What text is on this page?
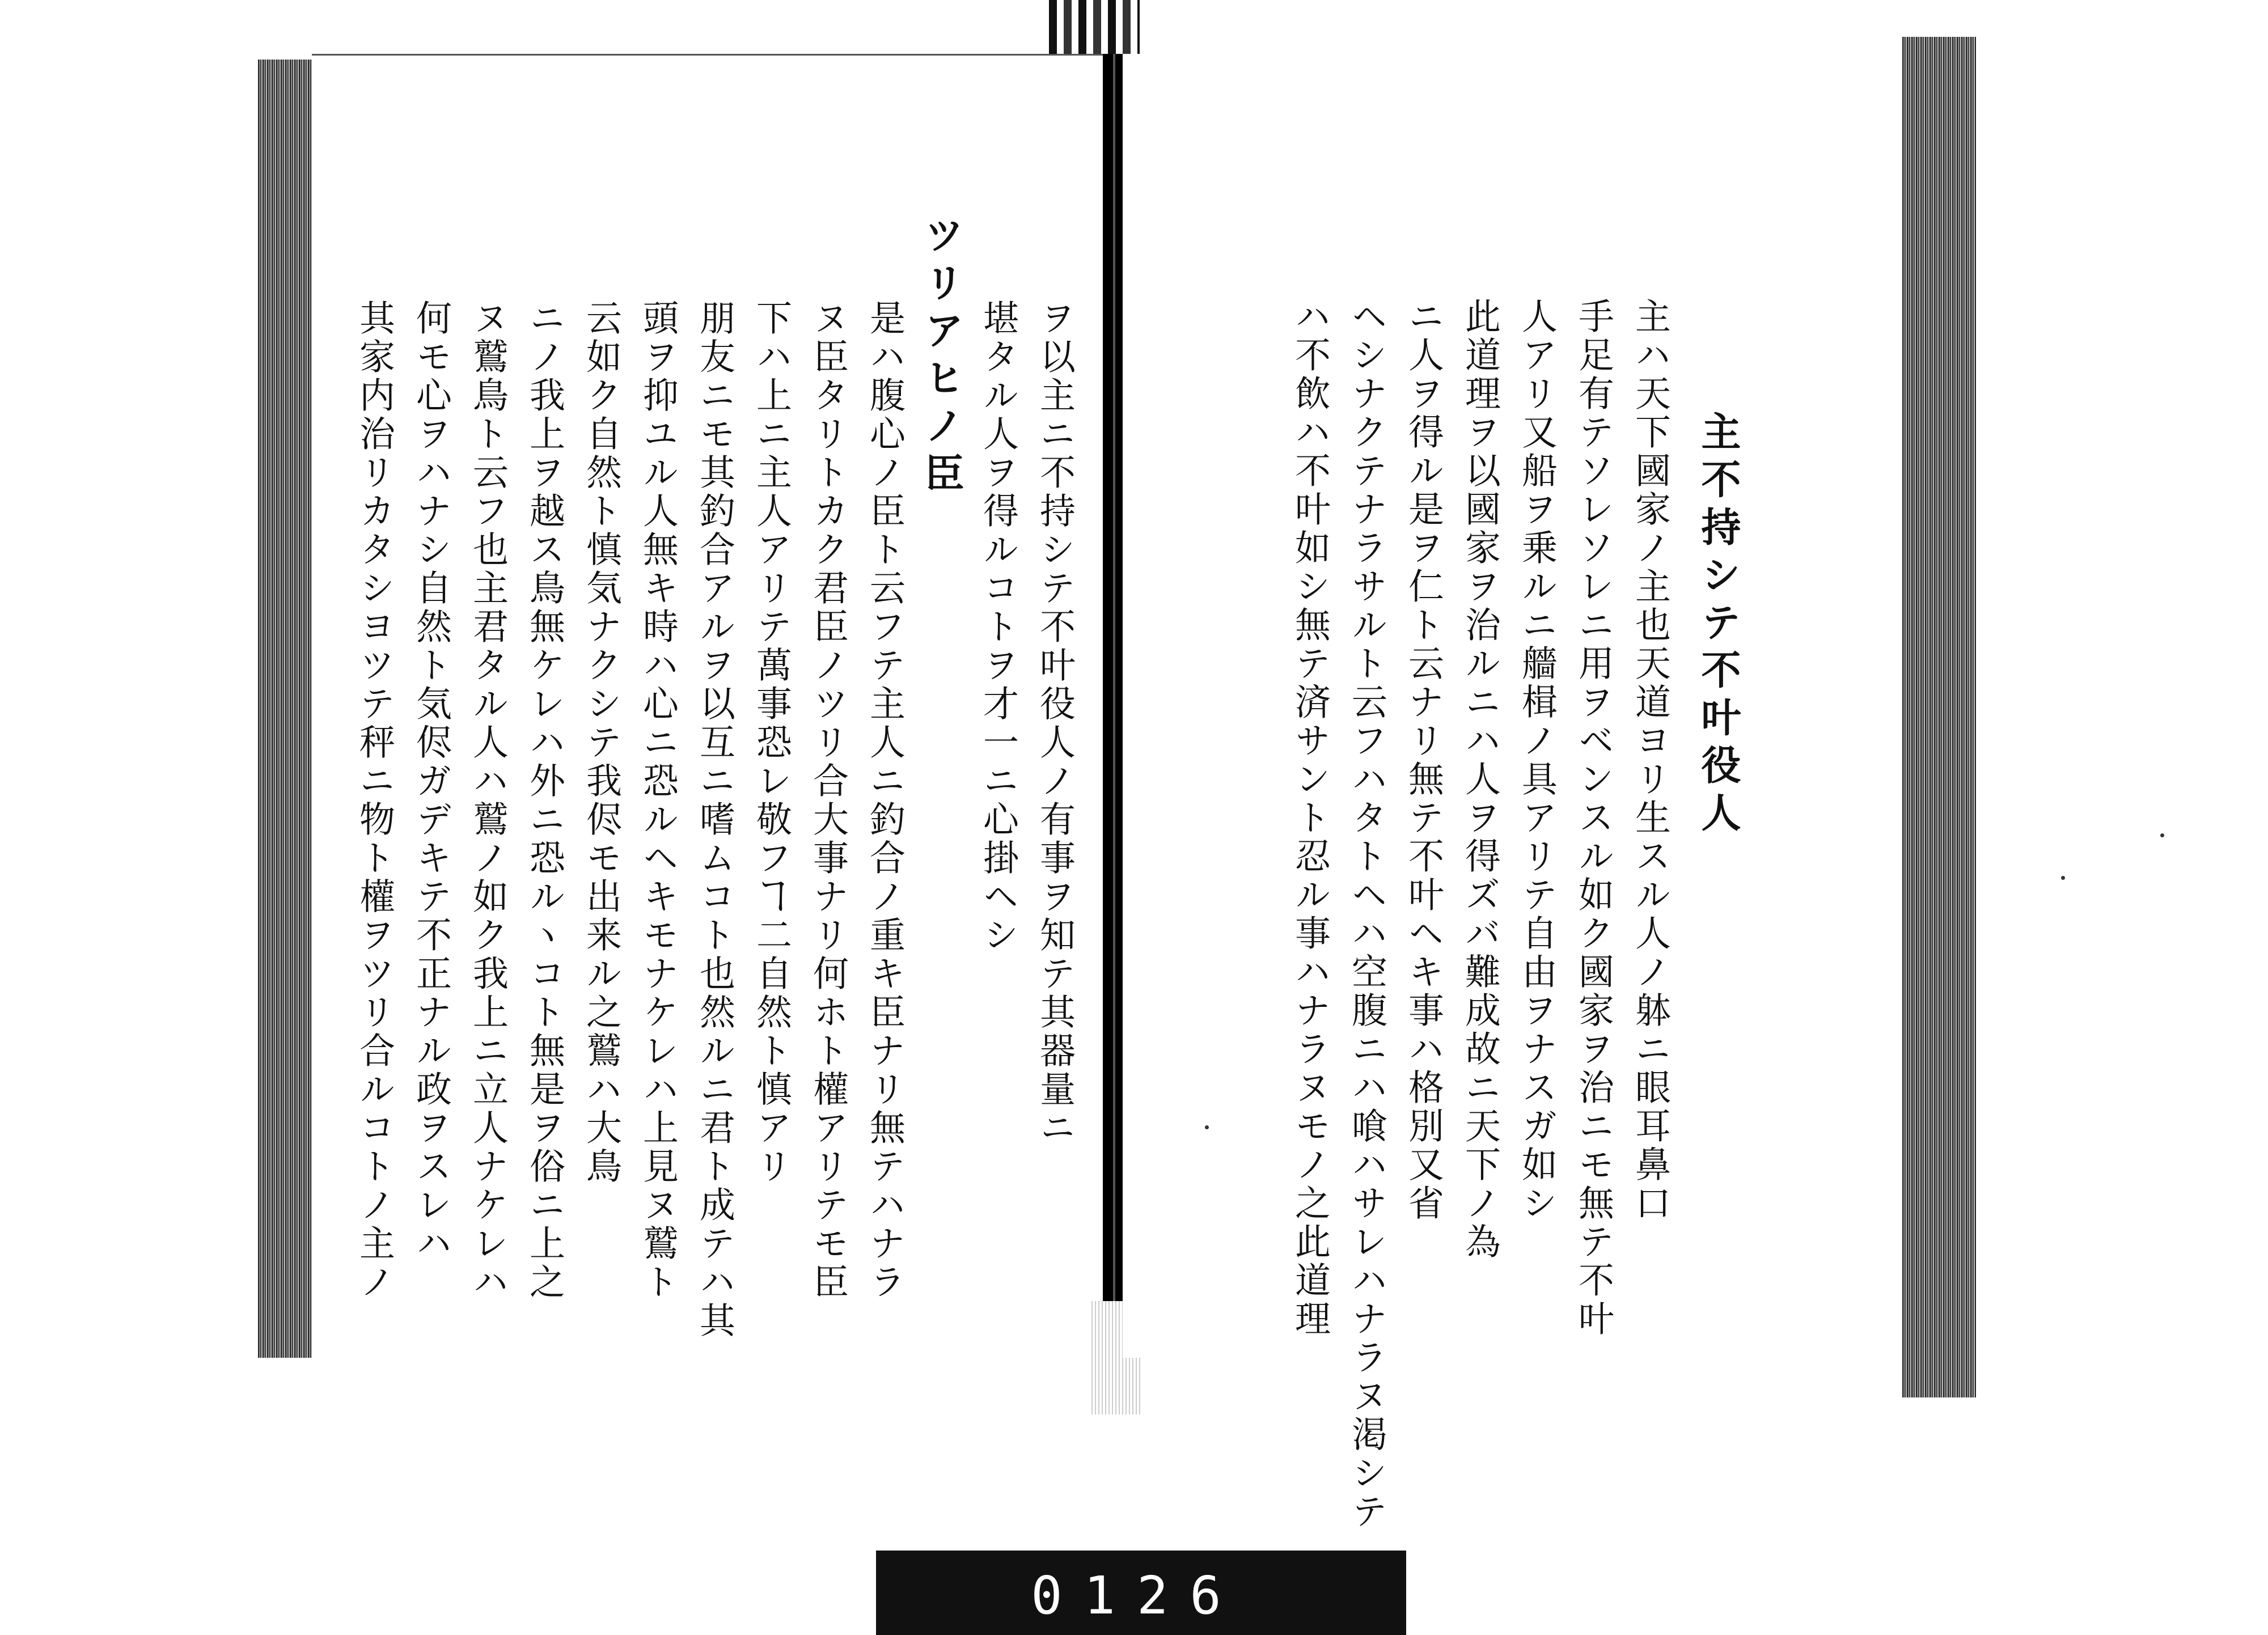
ヲ以主ニ不持シテ不叶役人ノ有事ヲ知テ其器量ニ
堪タル人ヲ得ルコトヲ才一ニ心掛ヘシ
ツリアヒノ臣
是ハ腹心ノ臣ト云フテ主人ニ釣合ノ重キ臣ナリ無テハナラ
ヌ臣タリトカク君臣ノツリ合大事ナリ何ホト權アリテモ臣
下ハ上ニ主人アリテ萬事恐レ敬フヿ二自然ト慎アリ
朋友ニモ其釣合アルヲ以互ニ嗜ムコト也然ルニ君ト成テハ其
頭ヲ抑ユル人無キ時ハ心ニ恐ルヘキモナケレハ上見ヌ鷲ト
云如ク自然ト慎気ナクシテ我侭モ出来ル之鷲ハ大鳥
ニノ我上ヲ越ス鳥無ケレハ外ニ恐ルヽコト無是ヲ俗ニ上之
ヌ鷲鳥ト云フ也主君タル人ハ鷲ノ如ク我上ニ立人ナケレハ
何モ心ヲハナシ自然ト気侭ガデキテ不正ナル政ヲスレハ
其家内治リカタシヨツテ秤ニ物ト權ヲツリ合ルコトノ主ノ	主不持シテ不叶役人
主ハ天下國家ノ主也天道ヨリ生スル人ノ躰ニ眼耳鼻口
手足有テソレソレニ用ヲベンスル如ク國家ヲ治ニモ無テ不叶
人アリ又船ヲ乗ルニ艢楫ノ具アリテ自由ヲナスガ如シ
此道理ヲ以國家ヲ治ルニハ人ヲ得ズバ難成故ニ天下ノ為
ニ人ヲ得ル是ヲ仁ト云ナリ無テ不叶ヘキ事ハ格別又省
ヘシナクテナラサルト云フハタトヘハ空腹ニハ喰ハサレハナラヌ渇シテ
ハ不飲ハ不叶如シ無テ済サント忍ル事ハナラヌモノ之此道理
0126
